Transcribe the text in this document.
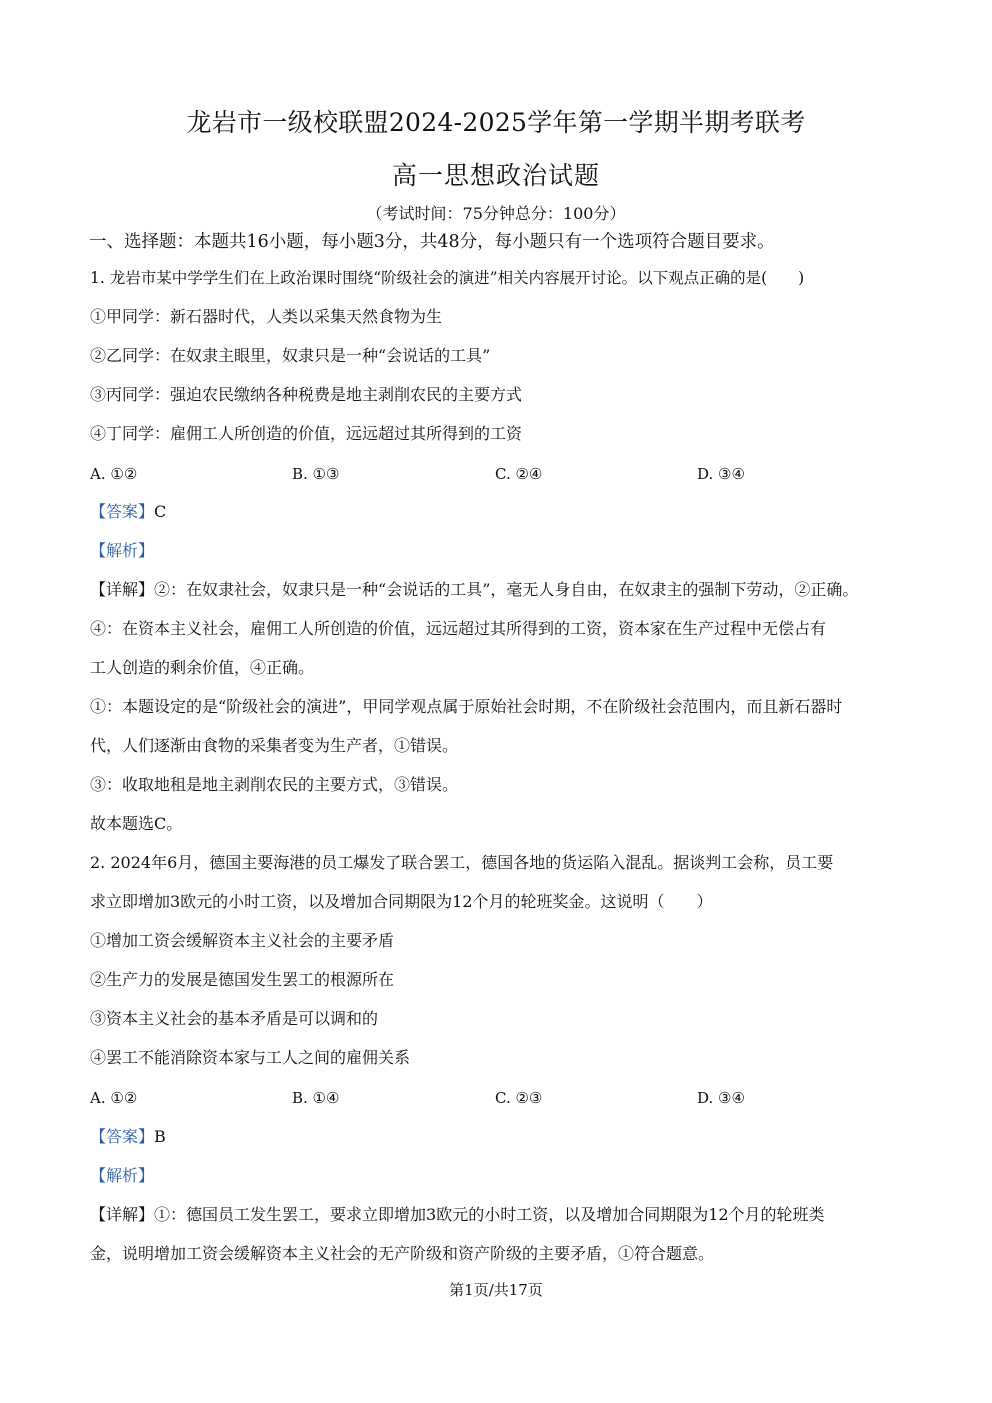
龙岩市一级校联盟2024-2025学年第一学期半期考联考
高一思想政治试题
（考试时间：75分钟总分：100分）
一、选择题：本题共16小题，每小题3分，共48分，每小题只有一个选项符合题目要求。
1. 龙岩市某中学学生们在上政治课时围绕“阶级社会的演进”相关内容展开讨论。以下观点正确的是(　　)
①甲同学：新石器时代，人类以采集天然食物为生
②乙同学：在奴隶主眼里，奴隶只是一种“会说话的工具”
③丙同学：强迫农民缴纳各种税费是地主剥削农民的主要方式
④丁同学：雇佣工人所创造的价值，远远超过其所得到的工资
A. ①②	B. ①③	C. ②④	D. ③④
【答案】C
【解析】
【详解】②：在奴隶社会，奴隶只是一种“会说话的工具”，毫无人身自由，在奴隶主的强制下劳动，②正确。
④：在资本主义社会，雇佣工人所创造的价值，远远超过其所得到的工资，资本家在生产过程中无偿占有
工人创造的剩余价值，④正确。
①：本题设定的是“阶级社会的演进”，甲同学观点属于原始社会时期，不在阶级社会范围内，而且新石器时
代，人们逐渐由食物的采集者变为生产者，①错误。
③：收取地租是地主剥削农民的主要方式，③错误。
故本题选C。
2. 2024年6月，德国主要海港的员工爆发了联合罢工，德国各地的货运陷入混乱。据谈判工会称，员工要
求立即增加3欧元的小时工资，以及增加合同期限为12个月的轮班奖金。这说明（　　）
①增加工资会缓解资本主义社会的主要矛盾
②生产力的发展是德国发生罢工的根源所在
③资本主义社会的基本矛盾是可以调和的
④罢工不能消除资本家与工人之间的雇佣关系
A. ①②	B. ①④	C. ②③	D. ③④
【答案】B
【解析】
【详解】①：德国员工发生罢工，要求立即增加3欧元的小时工资，以及增加合同期限为12个月的轮班类
金，说明增加工资会缓解资本主义社会的无产阶级和资产阶级的主要矛盾，①符合题意。
第1页/共17页
